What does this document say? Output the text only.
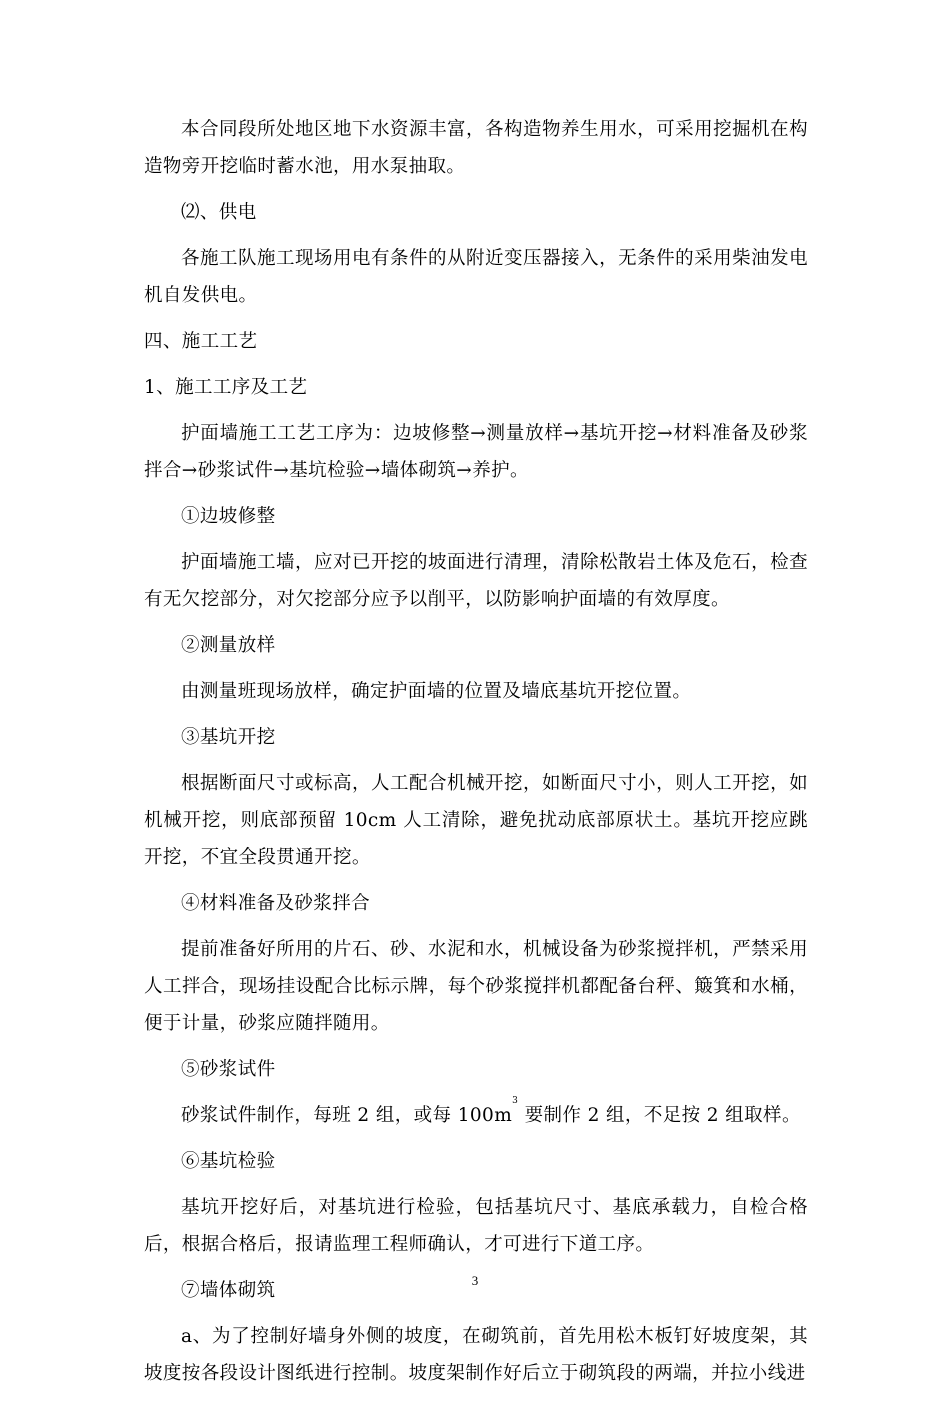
本合同段所处地区地下水资源丰富，各构造物养生用水，可采用挖掘机在构造物旁开挖临时蓄水池，用水泵抽取。

⑵、供电

各施工队施工现场用电有条件的从附近变压器接入，无条件的采用柴油发电机自发供电。

四、施工工艺

1、施工工序及工艺

护面墙施工工艺工序为：边坡修整→测量放样→基坑开挖→材料准备及砂浆拌合→砂浆试件→基坑检验→墙体砌筑→养护。

①边坡修整

护面墙施工墙，应对已开挖的坡面进行清理，清除松散岩土体及危石，检查有无欠挖部分，对欠挖部分应予以削平，以防影响护面墙的有效厚度。

②测量放样

由测量班现场放样，确定护面墙的位置及墙底基坑开挖位置。

③基坑开挖

根据断面尺寸或标高，人工配合机械开挖，如断面尺寸小，则人工开挖，如机械开挖，则底部预留 10cm 人工清除，避免扰动底部原状土。基坑开挖应跳开挖，不宜全段贯通开挖。

④材料准备及砂浆拌合

提前准备好所用的片石、砂、水泥和水，机械设备为砂浆搅拌机，严禁采用人工拌合，现场挂设配合比标示牌，每个砂浆搅拌机都配备台秤、簸箕和水桶，便于计量，砂浆应随拌随用。

⑤砂浆试件

砂浆试件制作，每班 2 组，或每 $100m^3$ 要制作 2 组，不足按 2 组取样。

⑥基坑检验

基坑开挖好后，对基坑进行检验，包括基坑尺寸、基底承载力，自检合格后，根据合格后，报请监理工程师确认，才可进行下道工序。

⑦墙体砌筑

a、为了控制好墙身外侧的坡度，在砌筑前，首先用松木板钉好坡度架，其坡度按各段设计图纸进行控制。坡度架制作好后立于砌筑段的两端，并拉小线进

3
